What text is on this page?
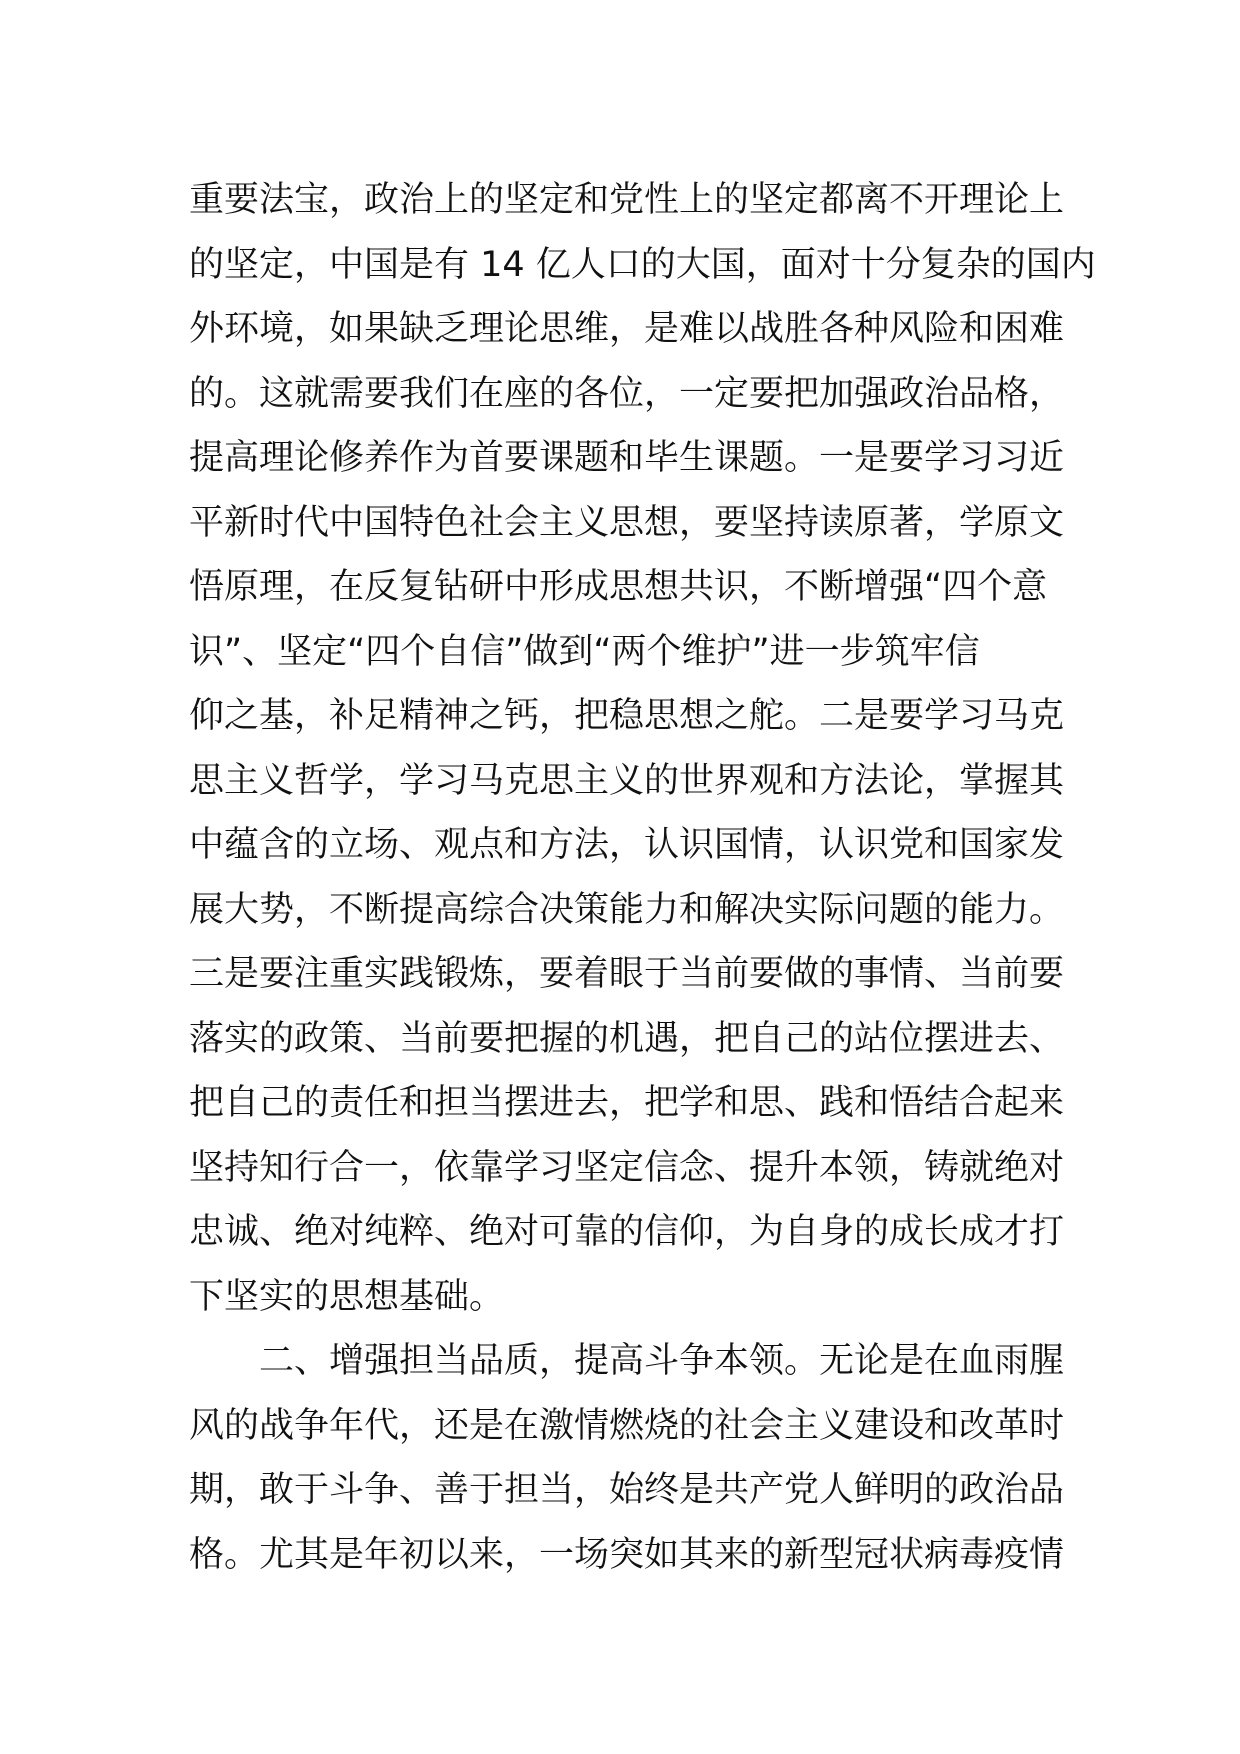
重要法宝，政治上的坚定和党性上的坚定都离不开理论上
的坚定，中国是有 14 亿人口的大国，面对十分复杂的国内
外环境，如果缺乏理论思维，是难以战胜各种风险和困难
的。这就需要我们在座的各位，一定要把加强政治品格，
提高理论修养作为首要课题和毕生课题。一是要学习习近
平新时代中国特色社会主义思想，要坚持读原著，学原文
悟原理，在反复钻研中形成思想共识，不断增强“四个意
识”、坚定“四个自信”做到“两个维护”进一步筑牢信
仰之基，补足精神之钙，把稳思想之舵。二是要学习马克
思主义哲学，学习马克思主义的世界观和方法论，掌握其
中蕴含的立场、观点和方法，认识国情，认识党和国家发
展大势，不断提高综合决策能力和解决实际问题的能力。
三是要注重实践锻炼，要着眼于当前要做的事情、当前要
落实的政策、当前要把握的机遇，把自己的站位摆进去、
把自己的责任和担当摆进去，把学和思、践和悟结合起来
坚持知行合一，依靠学习坚定信念、提升本领，铸就绝对
忠诚、绝对纯粹、绝对可靠的信仰，为自身的成长成才打
下坚实的思想基础。
二、增强担当品质，提高斗争本领。无论是在血雨腥
风的战争年代，还是在激情燃烧的社会主义建设和改革时
期，敢于斗争、善于担当，始终是共产党人鲜明的政治品
格。尤其是年初以来，一场突如其来的新型冠状病毒疫情
